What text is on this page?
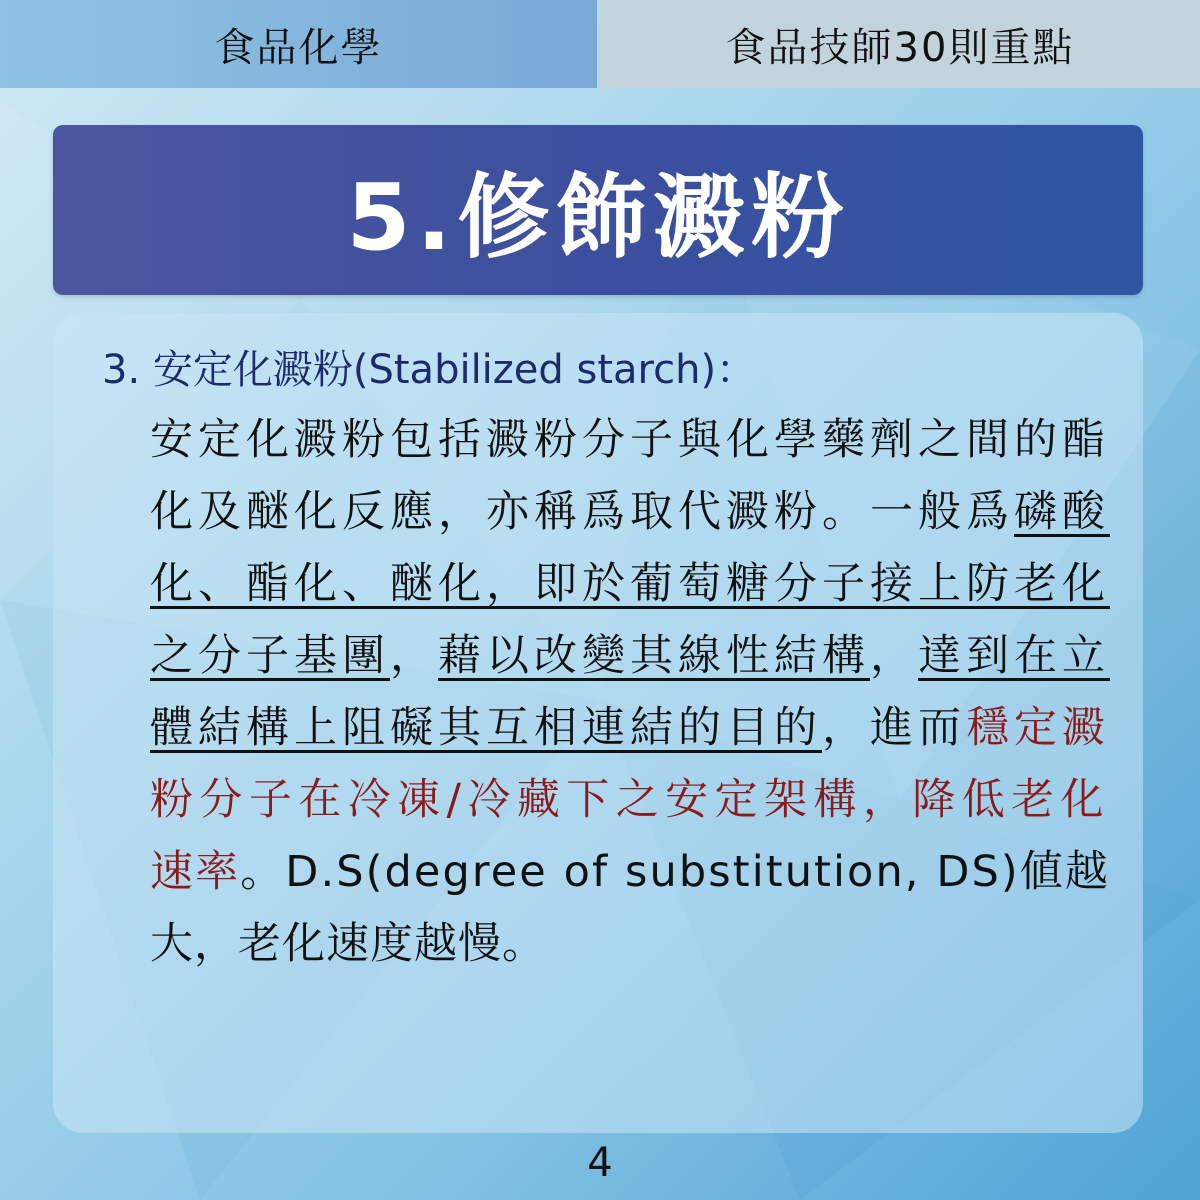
食品化學	食品技師30則重點
5.修飾澱粉
3. 安定化澱粉(Stabilized starch)：
安定化澱粉包括澱粉分子與化學藥劑之間的酯
化及醚化反應，亦稱爲取代澱粉。一般爲 磷酸
化、酯化、醚化，即於葡萄糖分子接上防老化
之分子基團 ， 藉以改變其線性結構 ， 達到在立
體結構上阻礙其互相連結的目的 ，進而 穩定澱
粉分子在冷凍/冷藏下之安定架構，降低老化
速率 。D.S(degree of substitution, DS)値越
大，老化速度越慢。
4
